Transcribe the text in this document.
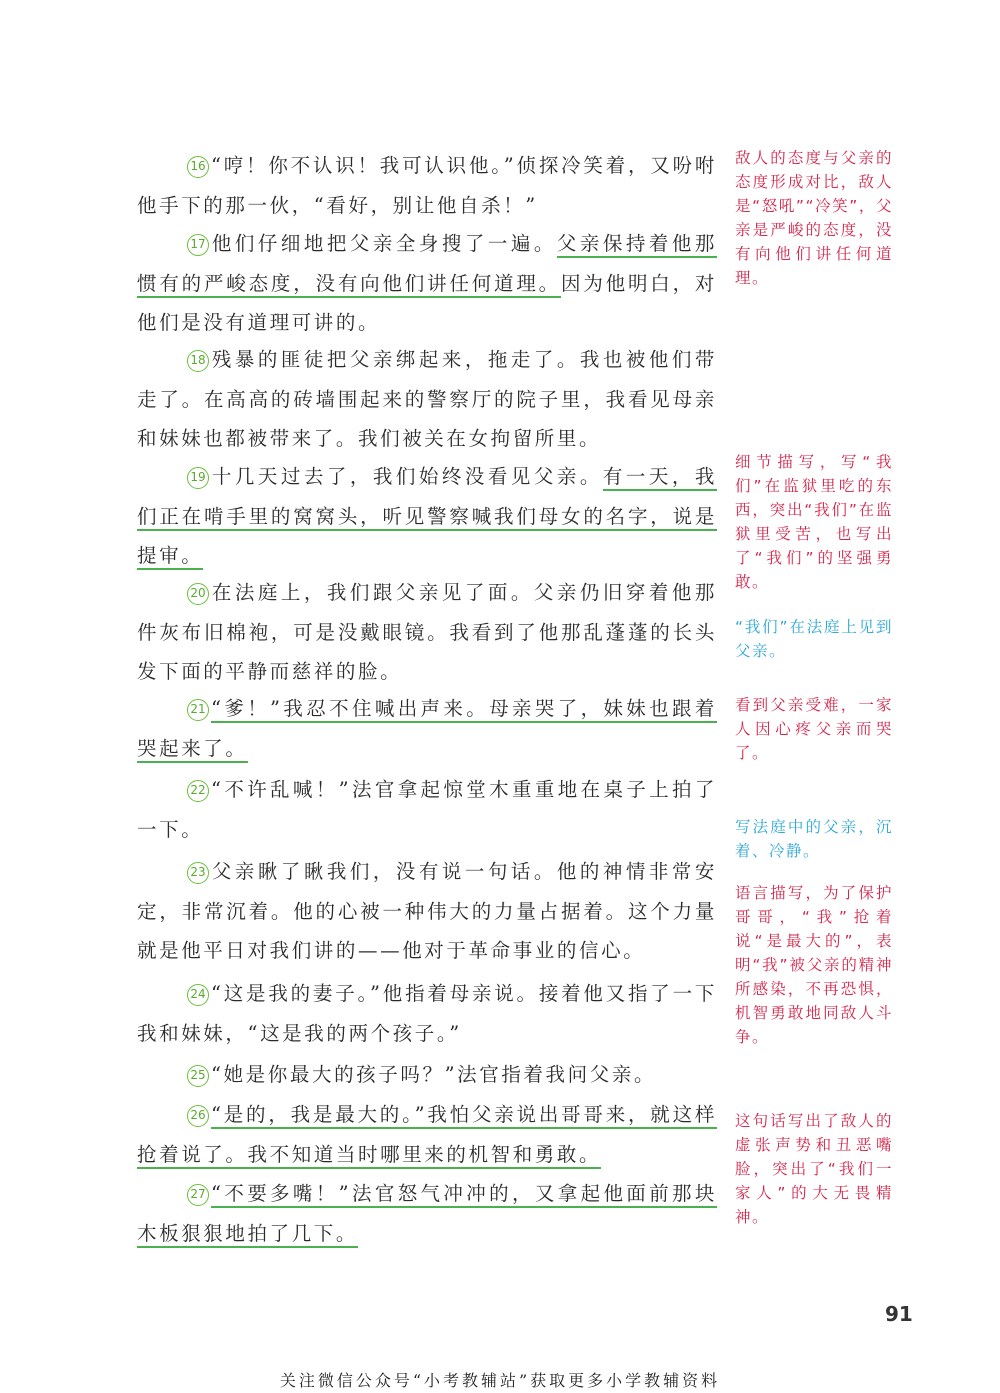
16 “哼！你不认识！我可认识他。”侦探冷笑着，又吩咐他手下的那一伙，“看好，别让他自杀！”

17 他们仔细地把父亲全身搜了一遍。父亲保持着他那惯有的严峻态度，没有向他们讲任何道理。因为他明白，对他们是没有道理可讲的。

18 残暴的匪徒把父亲绑起来，拖走了。我也被他们带走了。在高高的砖墙围起来的警察厅的院子里，我看见母亲和妹妹也都被带来了。我们被关在女拘留所里。

19 十几天过去了，我们始终没看见父亲。有一天，我们正在啃手里的窝窝头，听见警察喊我们母女的名字，说是提审。

20 在法庭上，我们跟父亲见了面。父亲仍旧穿着他那件灰布旧棉袍，可是没戴眼镜。我看到了他那乱蓬蓬的长头发下面的平静而慈祥的脸。

21 “爹！”我忍不住喊出声来。母亲哭了，妹妹也跟着哭起来了。

22 “不许乱喊！”法官拿起惊堂木重重地在桌子上拍了一下。

23 父亲瞅了瞅我们，没有说一句话。他的神情非常安定，非常沉着。他的心被一种伟大的力量占据着。这个力量就是他平日对我们讲的——他对于革命事业的信心。

24 “这是我的妻子。”他指着母亲说。接着他又指了一下我和妹妹，“这是我的两个孩子。”

25 “她是你最大的孩子吗？”法官指着我问父亲。

26 “是的，我是最大的。”我怕父亲说出哥哥来，就这样抢着说了。我不知道当时哪里来的机智和勇敢。

27 “不要多嘴！”法官怒气冲冲的，又拿起他面前那块木板狠狠地拍了几下。

敌人的态度与父亲的态度形成对比，敌人是“怒吼”“冷笑”，父亲是严峻的态度，没有向他们讲任何道理。

细节描写，写“我们”在监狱里吃的东西，突出“我们”在监狱里受苦，也写出了“我们”的坚强勇敢。

“我们”在法庭上见到父亲。

看到父亲受难，一家人因心疼父亲而哭了。

写法庭中的父亲，沉着、冷静。

语言描写，为了保护哥哥，“我”抢着说“是最大的”，表明“我”被父亲的精神所感染，不再恐惧，机智勇敢地同敌人斗争。

这句话写出了敌人的虚张声势和丑恶嘴脸，突出了“我们一家人”的大无畏精神。

91
关注微信公众号“小考教辅站”获取更多小学教辅资料
